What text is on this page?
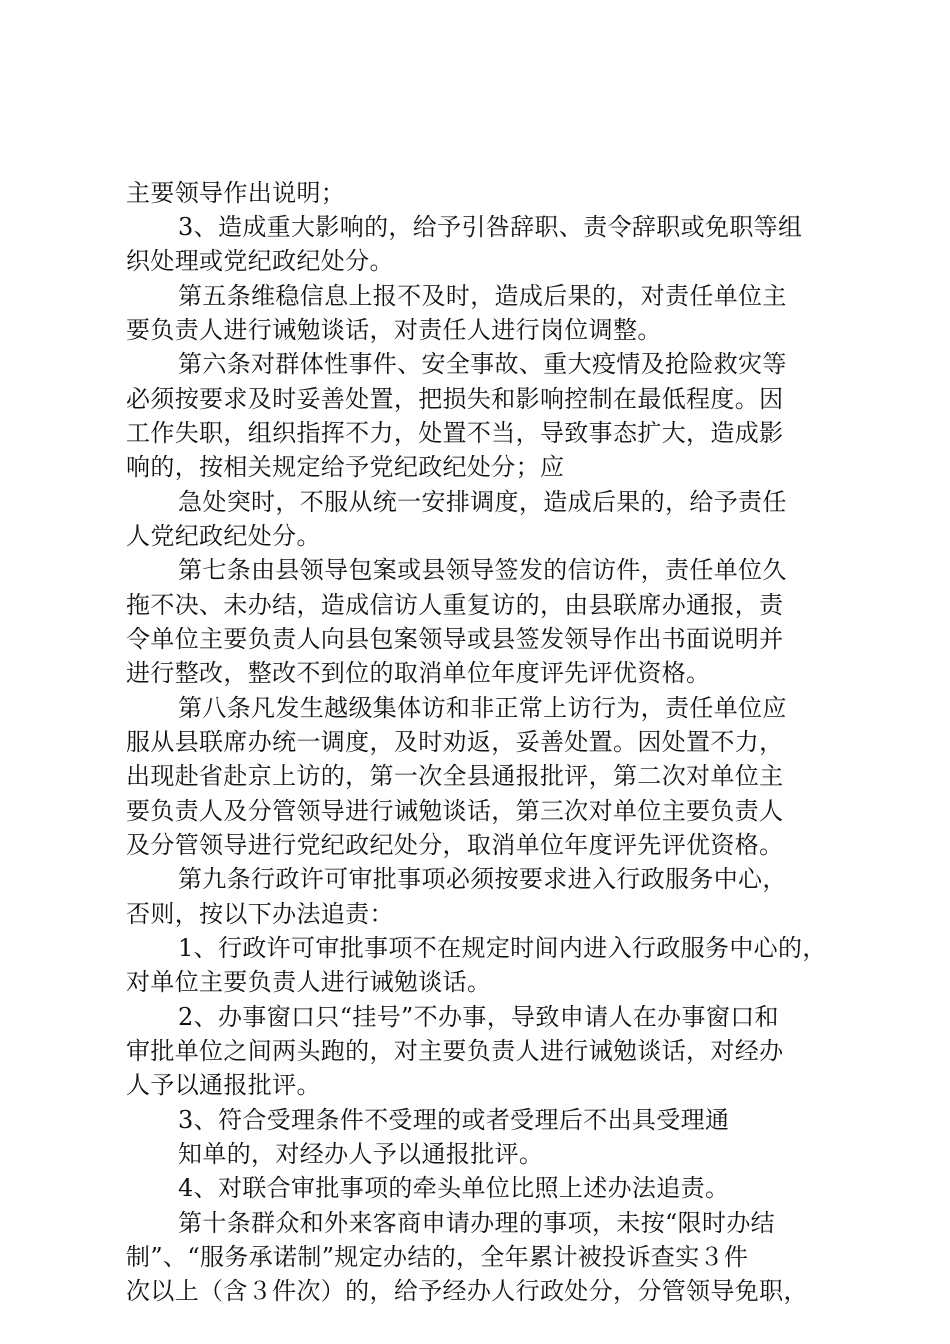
主要领导作出说明；
3、造成重大影响的，给予引咎辞职、责令辞职或免职等组
织处理或党纪政纪处分。
第五条维稳信息上报不及时，造成后果的，对责任单位主
要负责人进行诫勉谈话，对责任人进行岗位调整。
第六条对群体性事件、安全事故、重大疫情及抢险救灾等
必须按要求及时妥善处置，把损失和影响控制在最低程度。因
工作失职，组织指挥不力，处置不当，导致事态扩大，造成影
响的，按相关规定给予党纪政纪处分；应
急处突时，不服从统一安排调度，造成后果的，给予责任
人党纪政纪处分。
第七条由县领导包案或县领导签发的信访件，责任单位久
拖不决、未办结，造成信访人重复访的，由县联席办通报，责
令单位主要负责人向县包案领导或县签发领导作出书面说明并
进行整改，整改不到位的取消单位年度评先评优资格。
第八条凡发生越级集体访和非正常上访行为，责任单位应
服从县联席办统一调度，及时劝返，妥善处置。因处置不力，
出现赴省赴京上访的，第一次全县通报批评，第二次对单位主
要负责人及分管领导进行诫勉谈话，第三次对单位主要负责人
及分管领导进行党纪政纪处分，取消单位年度评先评优资格。
第九条行政许可审批事项必须按要求进入行政服务中心，
否则，按以下办法追责：
1、行政许可审批事项不在规定时间内进入行政服务中心的，
对单位主要负责人进行诫勉谈话。
2、办事窗口只“挂号”不办事，导致申请人在办事窗口和
审批单位之间两头跑的，对主要负责人进行诫勉谈话，对经办
人予以通报批评。
3、符合受理条件不受理的或者受理后不出具受理通
知单的，对经办人予以通报批评。
4、对联合审批事项的牵头单位比照上述办法追责。
第十条群众和外来客商申请办理的事项，未按“限时办结
制”、“服务承诺制”规定办结的，全年累计被投诉查实３件
次以上（含３件次）的，给予经办人行政处分，分管领导免职，
